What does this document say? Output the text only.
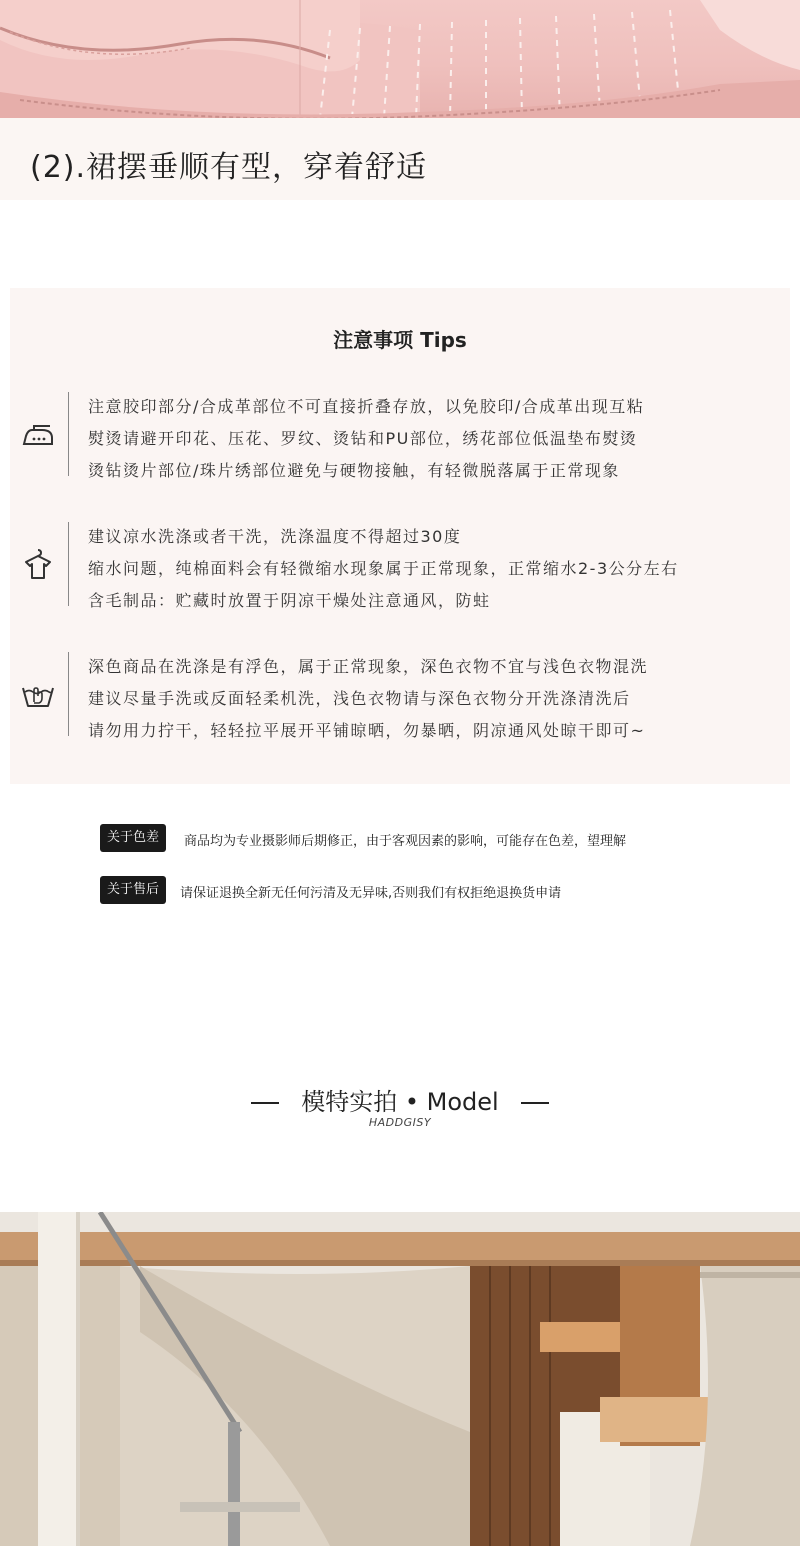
(2).裙摆垂顺有型，穿着舒适
注意事项 Tips
注意胶印部分/合成革部位不可直接折叠存放，以免胶印/合成革出现互粘
熨烫请避开印花、压花、罗纹、烫钻和PU部位，绣花部位低温垫布熨烫
烫钻烫片部位/珠片绣部位避免与硬物接触，有轻微脱落属于正常现象
建议凉水洗涤或者干洗，洗涤温度不得超过30度
缩水问题，纯棉面料会有轻微缩水现象属于正常现象，正常缩水2-3公分左右
含毛制品：贮藏时放置于阴凉干燥处注意通风，防蛀
深色商品在洗涤是有浮色，属于正常现象，深色衣物不宜与浅色衣物混洗
建议尽量手洗或反面轻柔机洗，浅色衣物请与深色衣物分开洗涤清洗后
请勿用力拧干，轻轻拉平展开平铺晾晒，勿暴晒，阴凉通风处晾干即可~
关于色差	商品均为专业摄影师后期修正，由于客观因素的影响，可能存在色差，望理解
关于售后	请保证退换全新无任何污清及无异味,否则我们有权拒绝退换货申请
模特实拍 • Model
HADDGISY
